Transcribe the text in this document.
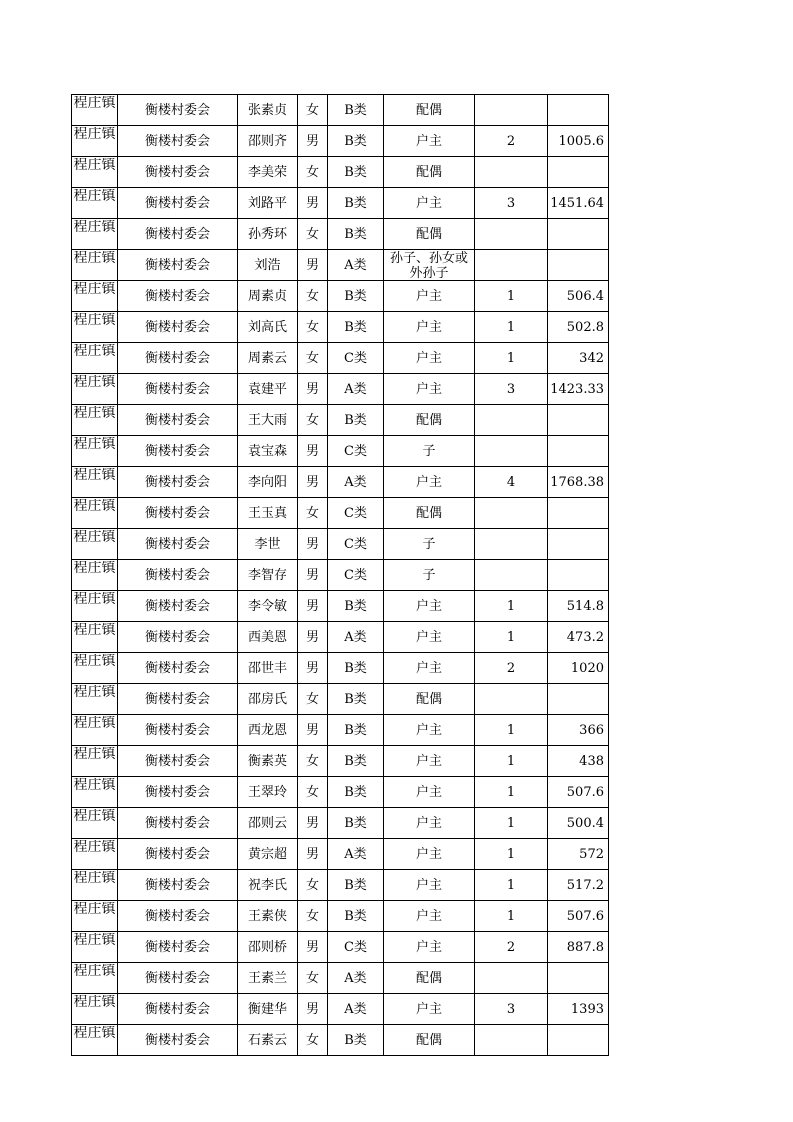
程庄镇	衡楼村委会	张素贞	女	B类	配偶		

程庄镇	衡楼村委会	邵则齐	男	B类	户主	2	1005.6

程庄镇	衡楼村委会	李美荣	女	B类	配偶		

程庄镇	衡楼村委会	刘路平	男	B类	户主	3	1451.64

程庄镇	衡楼村委会	孙秀环	女	B类	配偶		

程庄镇	衡楼村委会	刘浩	男	A类	孙子、孙女或外孙子		

程庄镇	衡楼村委会	周素贞	女	B类	户主	1	506.4

程庄镇	衡楼村委会	刘高氏	女	B类	户主	1	502.8

程庄镇	衡楼村委会	周素云	女	C类	户主	1	342

程庄镇	衡楼村委会	袁建平	男	A类	户主	3	1423.33

程庄镇	衡楼村委会	王大雨	女	B类	配偶		

程庄镇	衡楼村委会	袁宝森	男	C类	子		

程庄镇	衡楼村委会	李向阳	男	A类	户主	4	1768.38

程庄镇	衡楼村委会	王玉真	女	C类	配偶		

程庄镇	衡楼村委会	李世	男	C类	子		

程庄镇	衡楼村委会	李智存	男	C类	子		

程庄镇	衡楼村委会	李令敏	男	B类	户主	1	514.8

程庄镇	衡楼村委会	西美恩	男	A类	户主	1	473.2

程庄镇	衡楼村委会	邵世丰	男	B类	户主	2	1020

程庄镇	衡楼村委会	邵房氏	女	B类	配偶		

程庄镇	衡楼村委会	西龙恩	男	B类	户主	1	366

程庄镇	衡楼村委会	衡素英	女	B类	户主	1	438

程庄镇	衡楼村委会	王翠玲	女	B类	户主	1	507.6

程庄镇	衡楼村委会	邵则云	男	B类	户主	1	500.4

程庄镇	衡楼村委会	黄宗超	男	A类	户主	1	572

程庄镇	衡楼村委会	祝李氏	女	B类	户主	1	517.2

程庄镇	衡楼村委会	王素侠	女	B类	户主	1	507.6

程庄镇	衡楼村委会	邵则桥	男	C类	户主	2	887.8

程庄镇	衡楼村委会	王素兰	女	A类	配偶		

程庄镇	衡楼村委会	衡建华	男	A类	户主	3	1393

程庄镇	衡楼村委会	石素云	女	B类	配偶		
